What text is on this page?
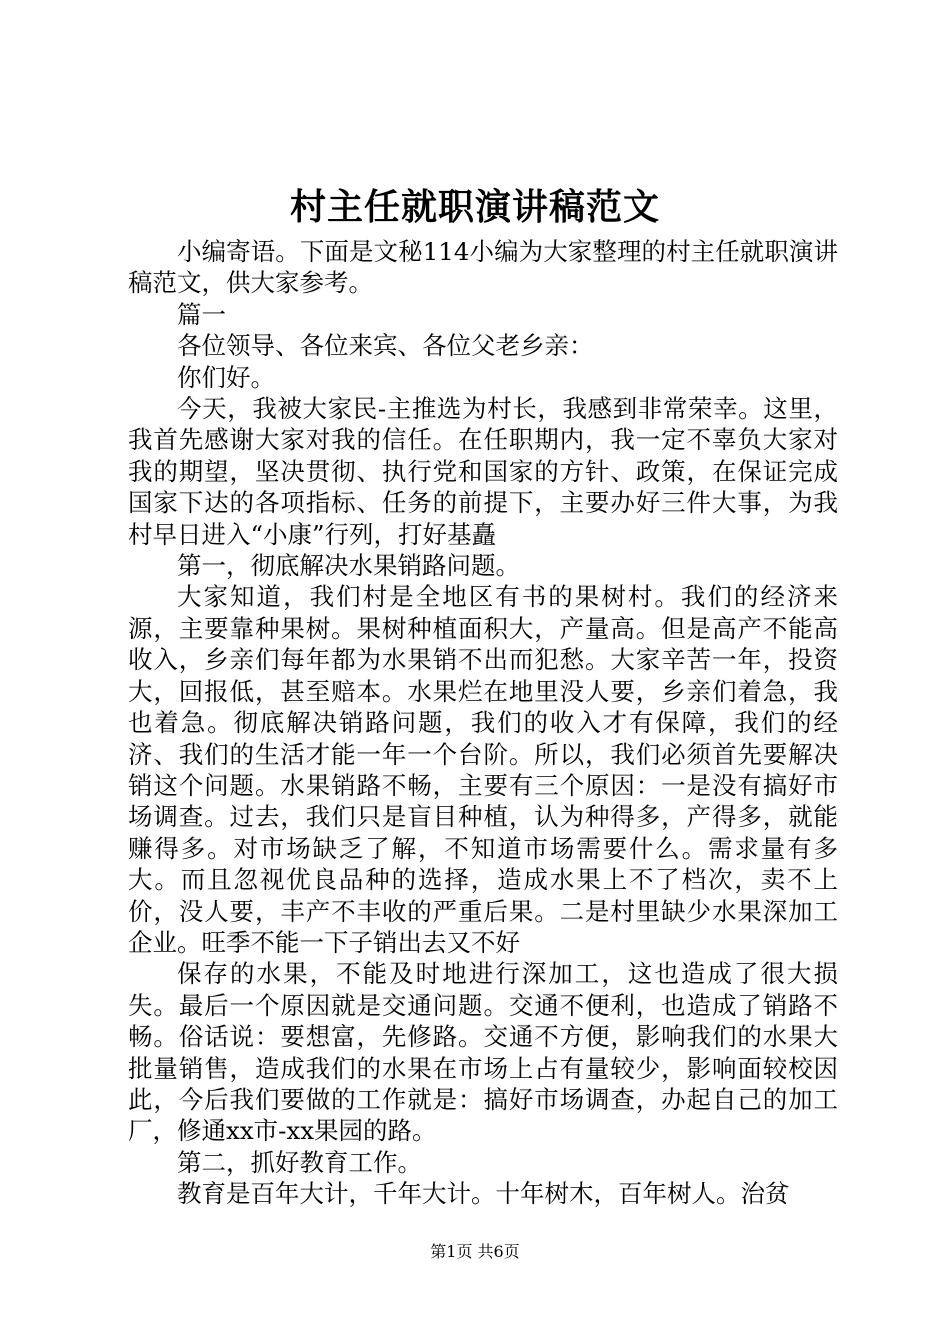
村主任就职演讲稿范文

小编寄语。下面是文秘114小编为大家整理的村主任就职演讲稿范文，供大家参考。

篇一

各位领导、各位来宾、各位父老乡亲：

你们好。

今天，我被大家民-主推选为村长，我感到非常荣幸。这里，我首先感谢大家对我的信任。在任职期内，我一定不辜负大家对我的期望，坚决贯彻、执行党和国家的方针、政策，在保证完成国家下达的各项指标、任务的前提下，主要办好三件大事，为我村早日进入“小康”行列，打好基矗

第一，彻底解决水果销路问题。

大家知道，我们村是全地区有书的果树村。我们的经济来源，主要靠种果树。果树种植面积大，产量高。但是高产不能高收入，乡亲们每年都为水果销不出而犯愁。大家辛苦一年，投资大，回报低，甚至赔本。水果烂在地里没人要，乡亲们着急，我也着急。彻底解决销路问题，我们的收入才有保障，我们的经济、我们的生活才能一年一个台阶。所以，我们必须首先要解决销这个问题。水果销路不畅，主要有三个原因：一是没有搞好市场调查。过去，我们只是盲目种植，认为种得多，产得多，就能赚得多。对市场缺乏了解，不知道市场需要什么。需求量有多大。而且忽视优良品种的选择，造成水果上不了档次，卖不上价，没人要，丰产不丰收的严重后果。二是村里缺少水果深加工企业。旺季不能一下子销出去又不好

保存的水果，不能及时地进行深加工，这也造成了很大损失。最后一个原因就是交通问题。交通不便利，也造成了销路不畅。俗话说：要想富，先修路。交通不方便，影响我们的水果大批量销售，造成我们的水果在市场上占有量较少，影响面较校因此，今后我们要做的工作就是：搞好市场调查，办起自己的加工厂，修通xx市-xx果园的路。

第二，抓好教育工作。

教育是百年大计，千年大计。十年树木，百年树人。治贫

第1页 共6页
